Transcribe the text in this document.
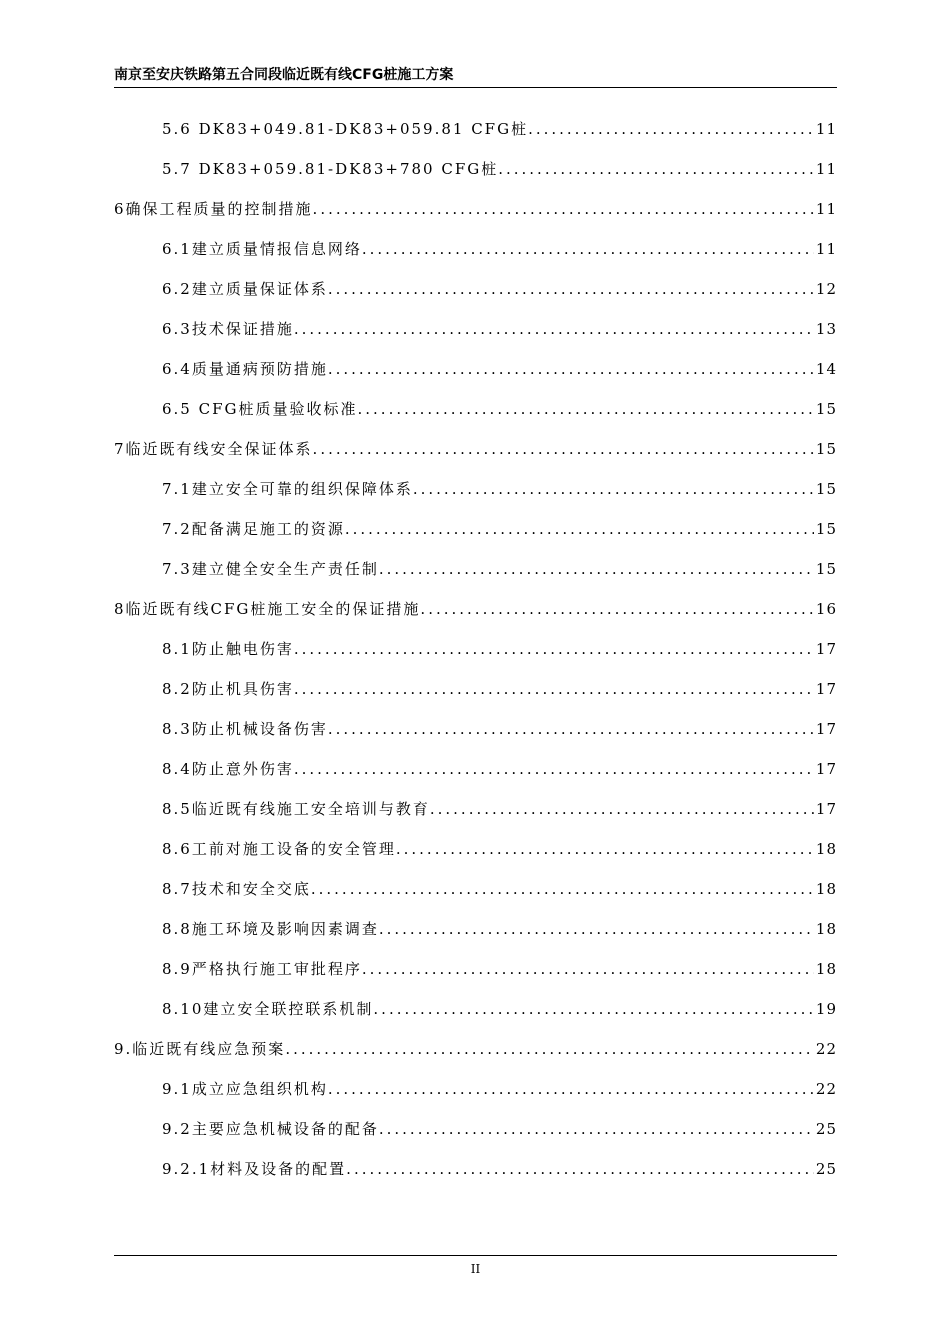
南京至安庆铁路第五合同段临近既有线CFG桩施工方案
5.6 DK83+049.81-DK83+059.81 CFG桩 .....	11
5.7 DK83+059.81-DK83+780 CFG桩 .....	11
6确保工程质量的控制措施 .....	11
6.1建立质量情报信息网络 .....	11
6.2建立质量保证体系 .....	12
6.3技术保证措施 .....	13
6.4质量通病预防措施 .....	14
6.5 CFG桩质量验收标准 .....	15
7临近既有线安全保证体系 .....	15
7.1建立安全可靠的组织保障体系 .....	15
7.2配备满足施工的资源 .....	15
7.3建立健全安全生产责任制 .....	15
8临近既有线CFG桩施工安全的保证措施 .....	16
8.1防止触电伤害 .....	17
8.2防止机具伤害 .....	17
8.3防止机械设备伤害 .....	17
8.4防止意外伤害 .....	17
8.5临近既有线施工安全培训与教育 .....	17
8.6工前对施工设备的安全管理 .....	18
8.7技术和安全交底 .....	18
8.8施工环境及影响因素调查 .....	18
8.9严格执行施工审批程序 .....	18
8.10建立安全联控联系机制 .....	19
9.临近既有线应急预案 .....	22
9.1成立应急组织机构 .....	22
9.2主要应急机械设备的配备 .....	25
9.2.1材料及设备的配置 .....	25
II
